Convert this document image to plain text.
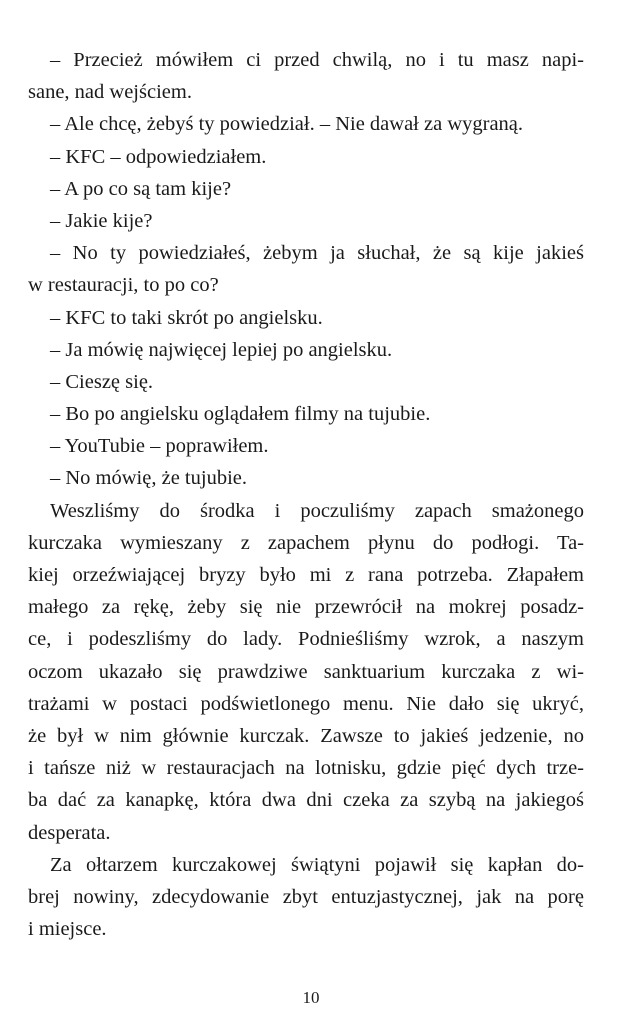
– Przecież mówiłem ci przed chwilą, no i tu masz napi-
sane, nad wejściem.
– Ale chcę, żebyś ty powiedział. – Nie dawał za wygraną.
– KFC – odpowiedziałem.
– A po co są tam kije?
– Jakie kije?
– No ty powiedziałeś, żebym ja słuchał, że są kije jakieś
w restauracji, to po co?
– KFC to taki skrót po angielsku.
– Ja mówię najwięcej lepiej po angielsku.
– Cieszę się.
– Bo po angielsku oglądałem filmy na tujubie.
– YouTubie – poprawiłem.
– No mówię, że tujubie.
Weszliśmy do środka i poczuliśmy zapach smażonego
kurczaka wymieszany z zapachem płynu do podłogi. Ta-
kiej orzeźwiającej bryzy było mi z rana potrzeba. Złapałem
małego za rękę, żeby się nie przewrócił na mokrej posadz-
ce, i podeszliśmy do lady. Podnieśliśmy wzrok, a naszym
oczom ukazało się prawdziwe sanktuarium kurczaka z wi-
trażami w postaci podświetlonego menu. Nie dało się ukryć,
że był w nim głównie kurczak. Zawsze to jakieś jedzenie, no
i tańsze niż w restauracjach na lotnisku, gdzie pięć dych trze-
ba dać za kanapkę, która dwa dni czeka za szybą na jakiegoś
desperata.
Za ołtarzem kurczakowej świątyni pojawił się kapłan do-
brej nowiny, zdecydowanie zbyt entuzjastycznej, jak na porę
i miejsce.
10
